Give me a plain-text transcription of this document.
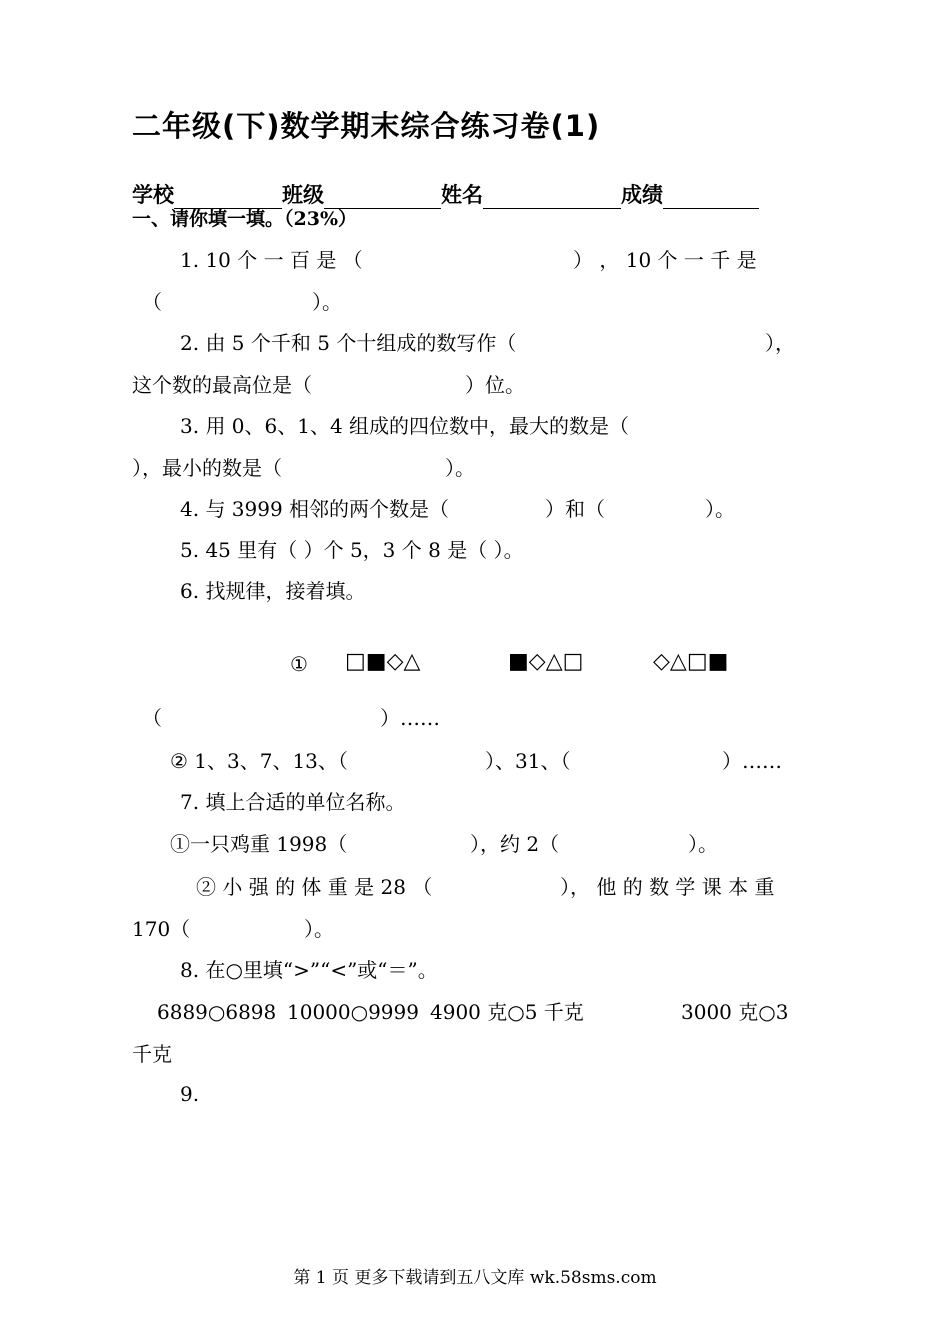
二年级(下)数学期末综合练习卷(1)
学校	班级	姓名	成绩
一、请你填一填。（23%）
1. 10 个 一 百 是 （	） ， 10 个 一 千 是
（	）。
2. 由 5 个千和 5 个十组成的数写作（	），
这个数的最高位是（	）位。
3. 用 0、6、1、4 组成的四位数中，最大的数是（
），最小的数是（	）。
4. 与 3999 相邻的两个数是（	）和（	）。
5. 45 里有（ ）个 5，3 个 8 是（ ）。
6. 找规律，接着填。
① □■◇△	■◇△□	◇△□■
（	）……
② 1、3、7、13、（	）、31、（	）……
7. 填上合适的单位名称。
①一只鸡重 1998（	），约 2（	）。
② 小 强 的 体 重 是 28 （	）， 他 的 数 学 课 本 重
170（	）。
8. 在○里填“>”“<”或“＝”。
6889○6898 10000○9999 4900 克○5 千克	3000 克○3
千克
9.
第 1 页 更多下载请到五八文库 wk.58sms.com
